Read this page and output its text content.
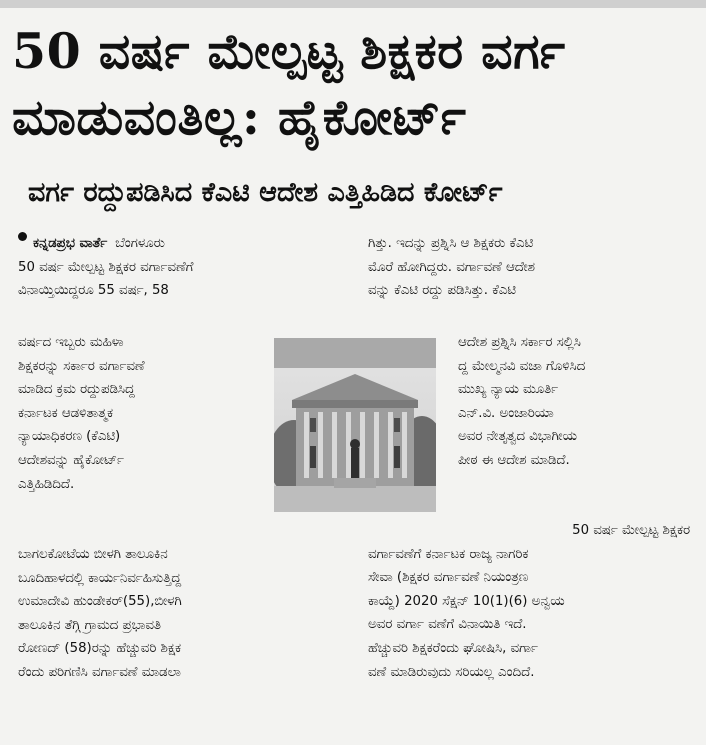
50 ವರ್ಷ ಮೇಲ್ಪಟ್ಟ ಶಿಕ್ಷಕರ ವರ್ಗ
ಮಾಡುವಂತಿಲ್ಲ: ಹೈಕೋರ್ಟ್
ವರ್ಗ ರದ್ದುಪಡಿಸಿದ ಕೆಎಟಿ ಆದೇಶ ಎತ್ತಿಹಿಡಿದ ಕೋರ್ಟ್
ಕನ್ನಡಪ್ರಭ ವಾರ್ತೆ ಬೆಂಗಳೂರು
50 ವರ್ಷ ಮೇಲ್ಪಟ್ಟ ಶಿಕ್ಷಕರ ವರ್ಗಾವಣೆಗೆ
ವಿನಾಯ್ತಿಯಿದ್ದರೂ 55 ವರ್ಷ, 58
ವರ್ಷದ ಇಬ್ಬರು ಮಹಿಳಾ
ಶಿಕ್ಷಕರನ್ನು ಸರ್ಕಾರ ವರ್ಗಾವಣೆ
ಮಾಡಿದ ಕ್ರಮ ರದ್ದುಪಡಿಸಿದ್ದ
ಕರ್ನಾಟಕ ಆಡಳಿತಾತ್ಮಕ
ನ್ಯಾಯಾಧಿಕರಣ (ಕೆಎಟಿ)
ಆದೇಶವನ್ನು ಹೈಕೋರ್ಟ್
ಎತ್ತಿಹಿಡಿದಿದೆ.
ಬಾಗಲಕೋಟೆಯ ಬೀಳಗಿ ತಾಲೂಕಿನ
ಬೂದಿಹಾಳದಲ್ಲಿ ಕಾರ್ಯನಿರ್ವಹಿಸುತ್ತಿದ್ದ
ಉಮಾದೇವಿ ಹುಂಡೇಕರ್(55),ಬೀಳಗಿ
ತಾಲೂಕಿನ ತೆಗ್ಗಿ ಗ್ರಾಮದ ಪ್ರಭಾವತಿ
ರೋಣದ್ (58)ರನ್ನು ಹೆಚ್ಚುವರಿ ಶಿಕ್ಷಕ
ರೆಂದು ಪರಿಗಣಿಸಿ ವರ್ಗಾವಣೆ ಮಾಡಲಾ
ಗಿತ್ತು. ಇದನ್ನು ಪ್ರಶ್ನಿಸಿ ಆ ಶಿಕ್ಷಕರು ಕೆಎಟಿ
ಮೊರೆ ಹೋಗಿದ್ದರು. ವರ್ಗಾವಣೆ ಆದೇಶ
ವನ್ನು ಕೆಎಟಿ ರದ್ದು ಪಡಿಸಿತ್ತು. ಕೆಎಟಿ
ಆದೇಶ ಪ್ರಶ್ನಿಸಿ ಸರ್ಕಾರ ಸಲ್ಲಿಸಿ
ದ್ದ ಮೇಲ್ಮನವಿ ವಜಾ ಗೊಳಿಸಿದ
ಮುಖ್ಯ ನ್ಯಾಯ ಮೂರ್ತಿ
ಎನ್.ವಿ. ಅಂಜಾರಿಯಾ
ಅವರ ನೇತೃತ್ವದ ವಿಭಾಗೀಯ
ಪೀಠ ಈ ಆದೇಶ ಮಾಡಿದೆ.
50 ವರ್ಷ ಮೇಲ್ಪಟ್ಟ ಶಿಕ್ಷಕರ
ವರ್ಗಾವಣೆಗೆ ಕರ್ನಾಟಕ ರಾಜ್ಯ ನಾಗರಿಕ
ಸೇವಾ (ಶಿಕ್ಷಕರ ವರ್ಗಾವಣೆ ನಿಯಂತ್ರಣ
ಕಾಯ್ದೆ) 2020 ಸೆಕ್ಷನ್ 10(1)(6) ಅನ್ವಯ
ಅವರ ವರ್ಗಾ ವಣೆಗೆ ವಿನಾಯಿತಿ ಇದೆ.
ಹೆಚ್ಚುವರಿ ಶಿಕ್ಷಕರೆಂದು ಘೋಷಿಸಿ, ವರ್ಗಾ
ವಣೆ ಮಾಡಿರುವುದು ಸರಿಯಲ್ಲ ಎಂದಿದೆ.
